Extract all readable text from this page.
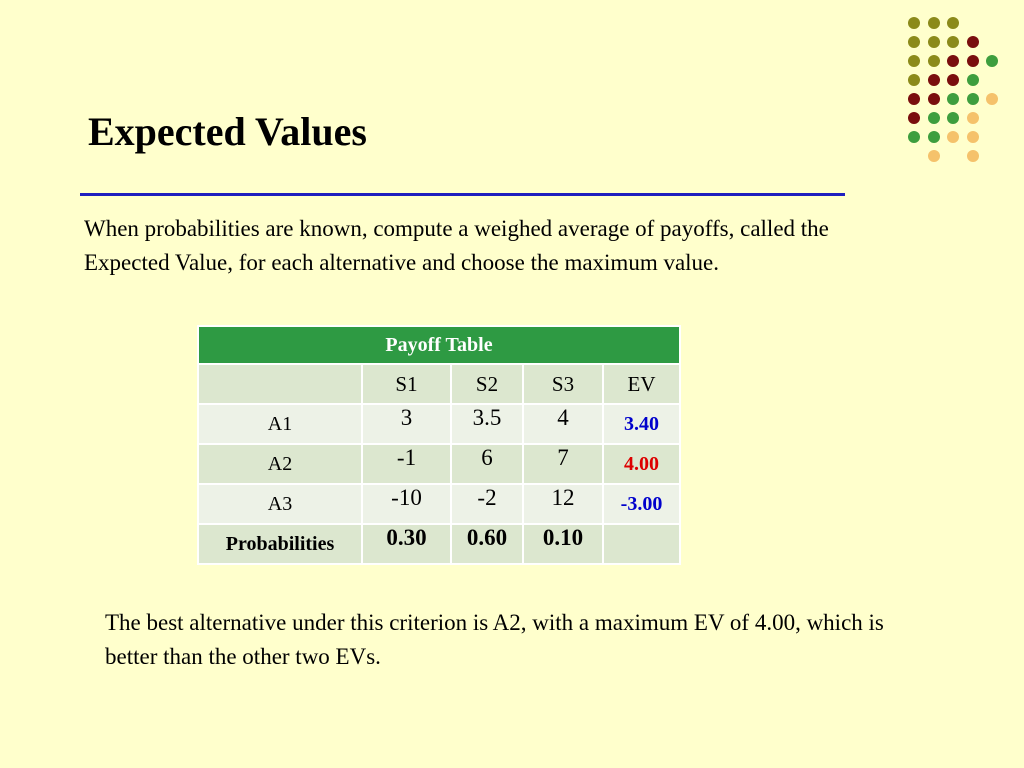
Expected Values

When probabilities are known, compute a weighed average of payoffs, called the Expected Value, for each alternative and choose the maximum value.

Payoff Table				
	S1	S2	S3	EV
A1	3	3.5	4	3.40
A2	-1	6	7	4.00
A3	-10	-2	12	-3.00
Probabilities	0.30	0.60	0.10	

The best alternative under this criterion is A2, with a maximum EV of 4.00, which is better than the other two EVs.
